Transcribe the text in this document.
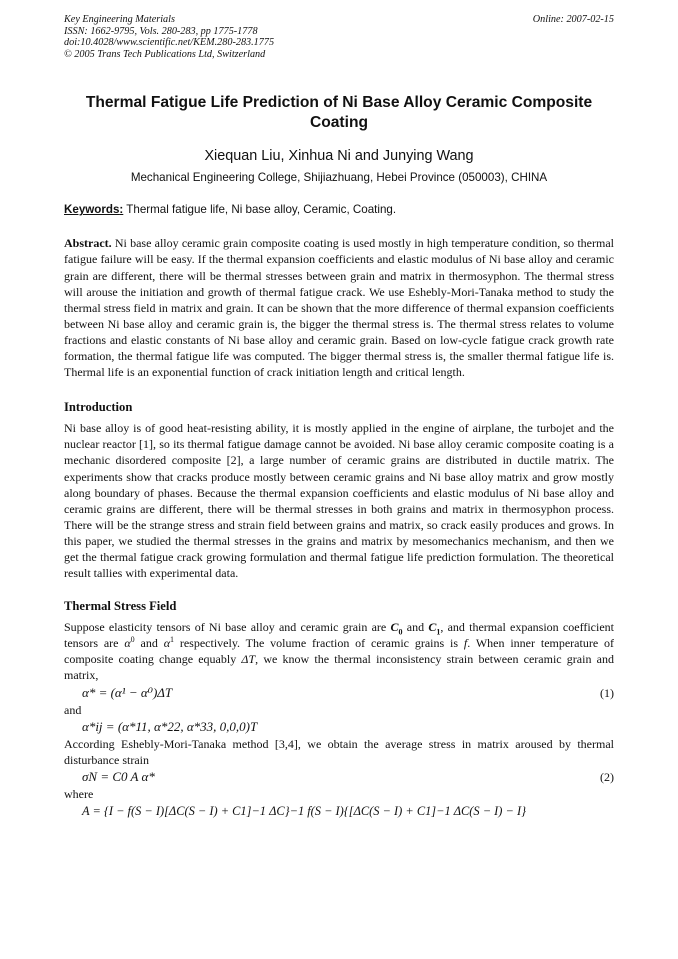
Key Engineering Materials
ISSN: 1662-9795, Vols. 280-283, pp 1775-1778
doi:10.4028/www.scientific.net/KEM.280-283.1775
© 2005 Trans Tech Publications Ltd, Switzerland
Online: 2007-02-15
Thermal Fatigue Life Prediction of Ni Base Alloy Ceramic Composite Coating
Xiequan Liu, Xinhua Ni and Junying Wang
Mechanical Engineering College, Shijiazhuang, Hebei Province (050003), CHINA
Keywords: Thermal fatigue life, Ni base alloy, Ceramic, Coating.

Abstract. Ni base alloy ceramic grain composite coating is used mostly in high temperature condition, so thermal fatigue failure will be easy. If the thermal expansion coefficients and elastic modulus of Ni base alloy and ceramic grain are different, there will be thermal stresses between grain and matrix in thermosyphon. The thermal stress will arouse the initiation and growth of thermal fatigue crack. We use Eshebly-Mori-Tanaka method to study the thermal stress field in matrix and grain. It can be shown that the more difference of thermal expansion coefficients between Ni base alloy and ceramic grain is, the bigger the thermal stress is. The thermal stress relates to volume fractions and elastic constants of Ni base alloy and ceramic grain. Based on low-cycle fatigue crack growth rate formation, the thermal fatigue life was computed. The bigger thermal stress is, the smaller thermal fatigue life is. Thermal life is an exponential function of crack initiation length and critical length.

Introduction

Ni base alloy is of good heat-resisting ability, it is mostly applied in the engine of airplane, the turbojet and the nuclear reactor [1], so its thermal fatigue damage cannot be avoided. Ni base alloy ceramic composite coating is a mechanic disordered composite [2], a large number of ceramic grains are distributed in ductile matrix. The experiments show that cracks produce mostly between ceramic grains and Ni base alloy matrix and grow mostly along boundary of phases. Because the thermal expansion coefficients and elastic modulus of Ni base alloy and ceramic grains are different, there will be thermal stresses in both grains and matrix in thermosyphon process. There will be the strange stress and strain field between grains and matrix, so crack easily produces and grows. In this paper, we studied the thermal stresses in the grains and matrix by mesomechanics mechanism, and then we get the thermal fatigue crack growing formulation and thermal fatigue life prediction formulation. The theoretical result tallies with experimental data.

Thermal Stress Field

Suppose elasticity tensors of Ni base alloy and ceramic grain are $C_0$ and $C_1$, and thermal expansion coefficient tensors are $\alpha^0$ and $\alpha^1$ respectively. The volume fraction of ceramic grains is f. When inner temperature of composite coating change equably ΔT, we know the thermal inconsistency strain between ceramic grain and matrix,

α* = (α¹ − α⁰)ΔT	(1)
and
α*ij = (α*11, α*22, α*33, 0,0,0)T

According Eshebly-Mori-Tanaka method [3,4], we obtain the average stress in matrix aroused by thermal disturbance strain

σN = C0 A α*	(2)
where
A = {I − f(S − I)[ΔC(S − I) + C1]−1 ΔC}−1 f(S − I){[ΔC(S − I) + C1]−1 ΔC(S − I) − I}
